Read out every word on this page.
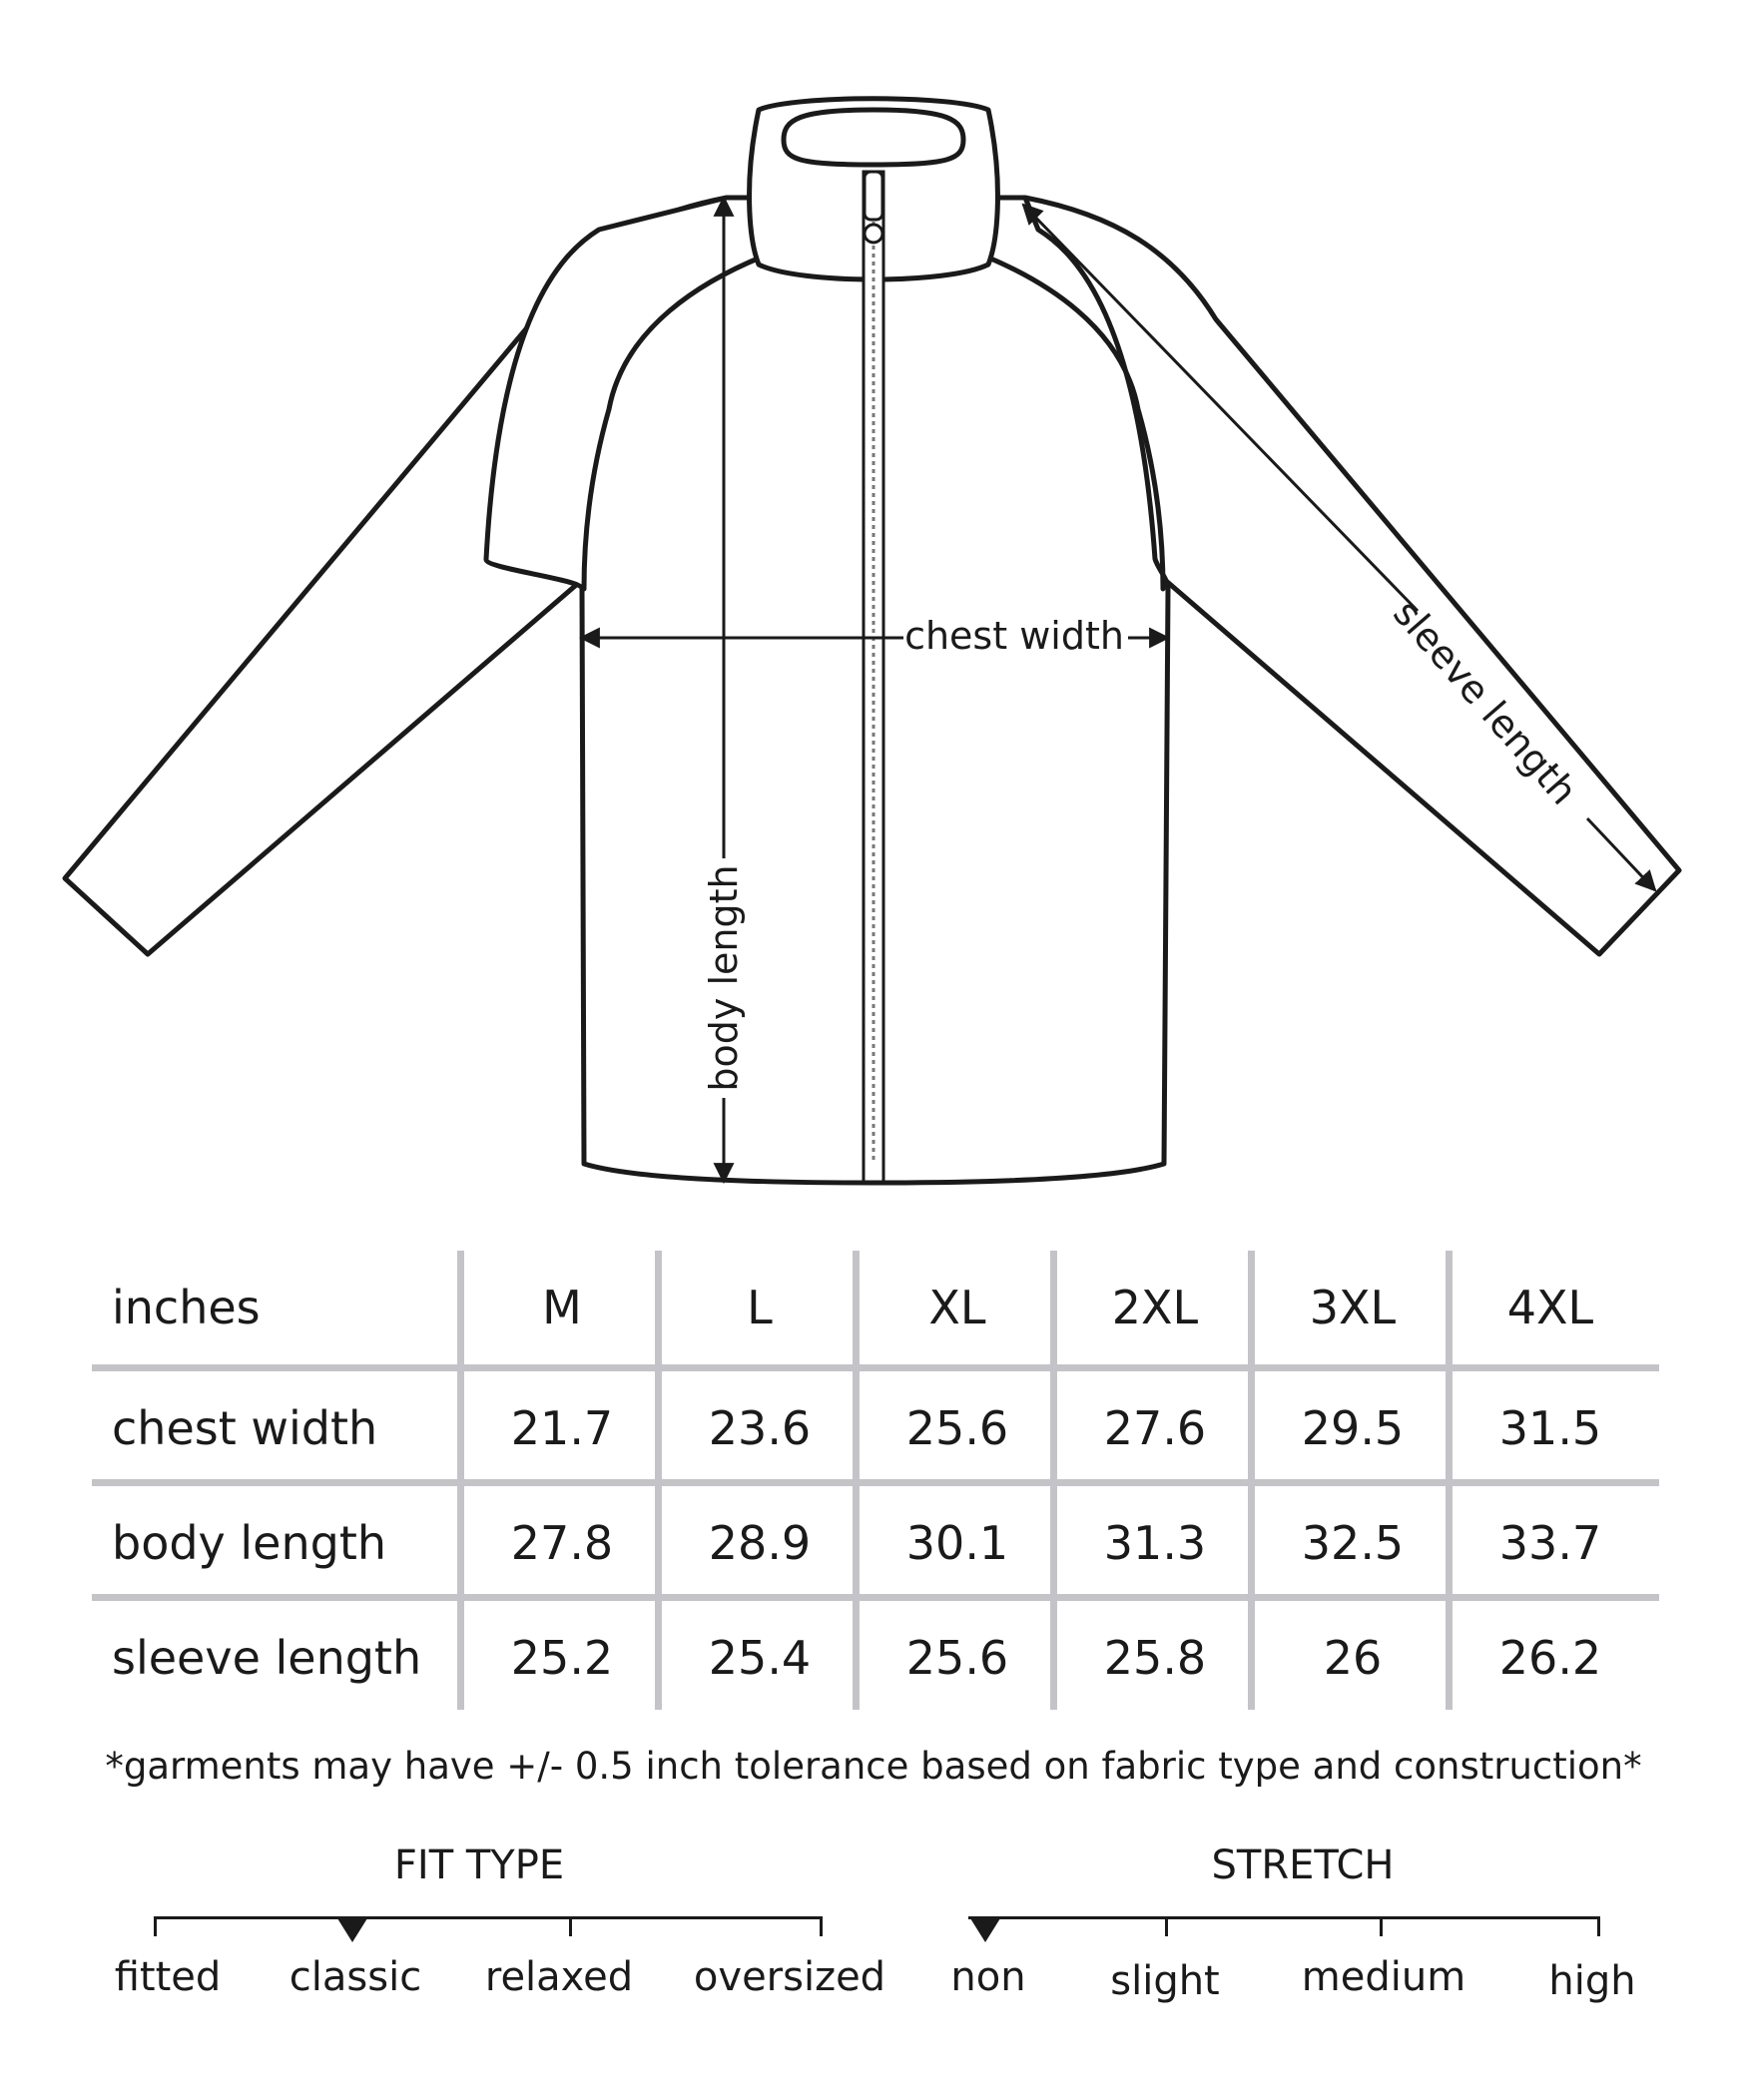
chest width
body length
sleeve length
inches	M	L	XL	2XL	3XL	4XL
chest width	21.7	23.6	25.6	27.6	29.5	31.5
body length	27.8	28.9	30.1	31.3	32.5	33.7
sleeve length	25.2	25.4	25.6	25.8	26	26.2
*garments may have +/- 0.5 inch tolerance based on fabric type and construction*
FIT TYPE
fitted classic relaxed oversized
STRETCH
non slight medium high
